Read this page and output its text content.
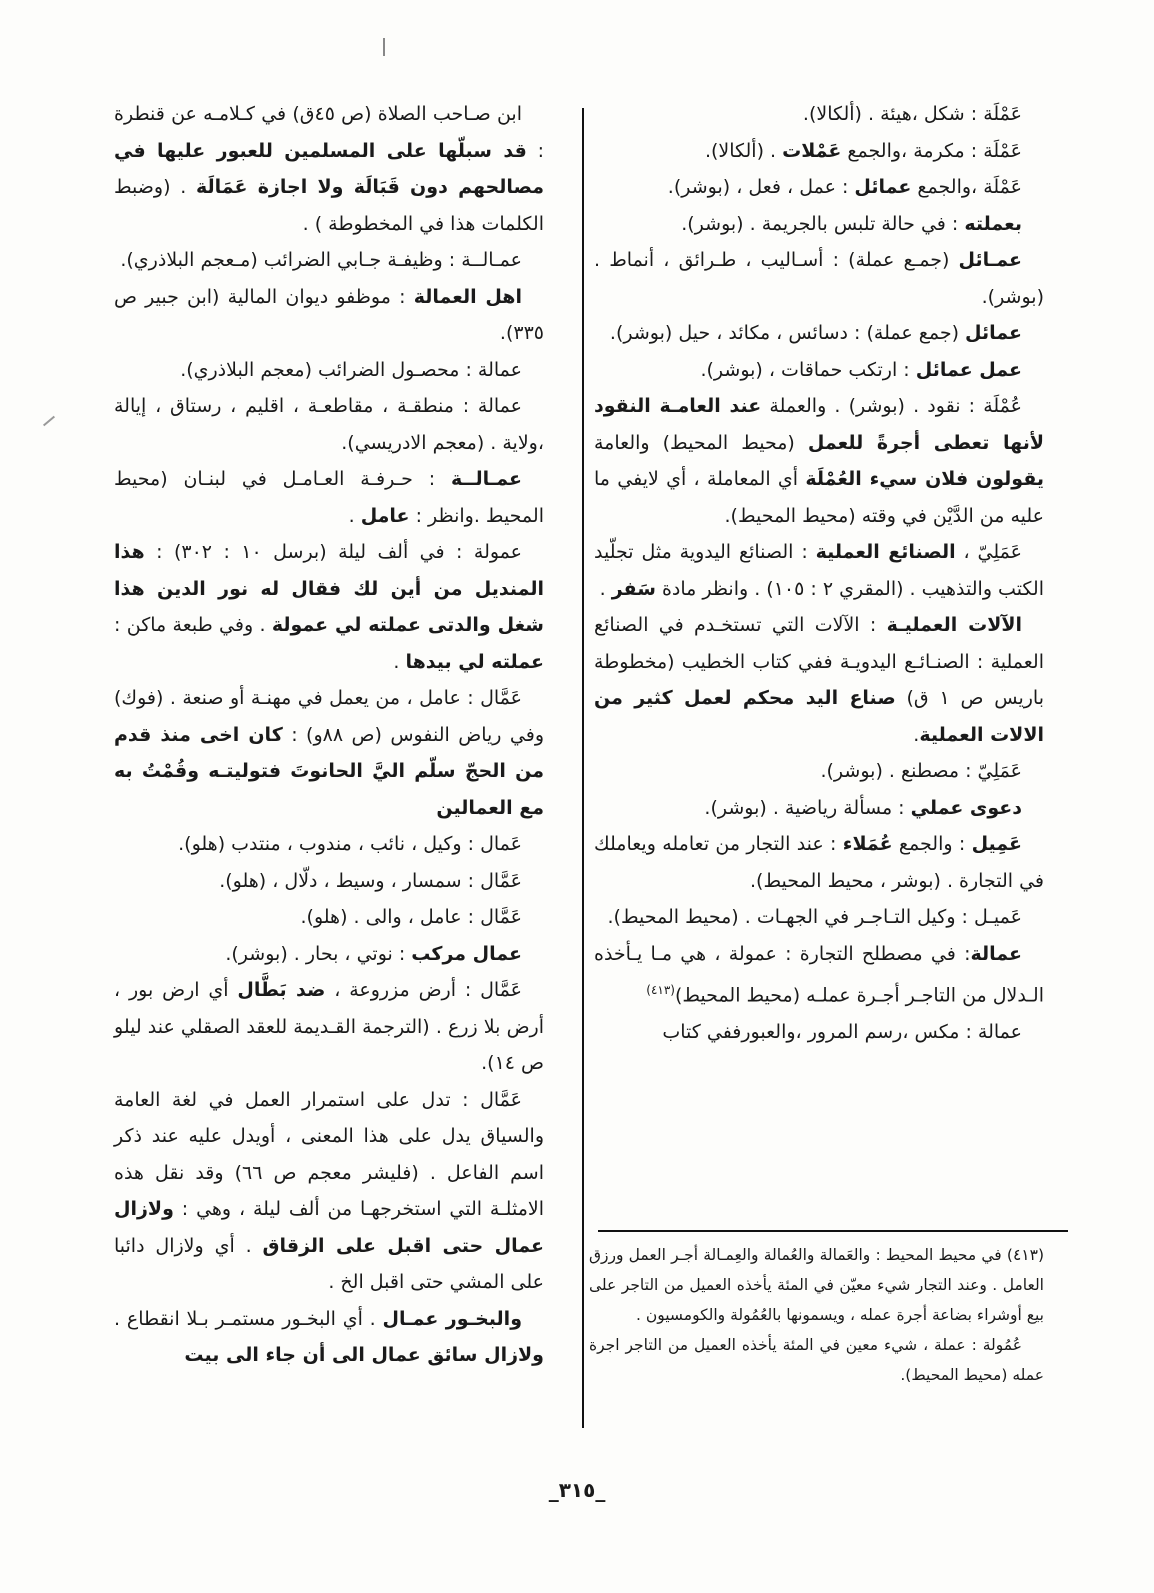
عَمْلَة : شكل ،هيئة . (ألكالا).

عَمْلَة : مكرمة ،والجمع عَمْلات . (ألكالا).

عَمْلَة ،والجمع عمائل : عمل ، فعل ، (بوشر).

بعملته : في حالة تلبس بالجريمة . (بوشر).

عمـائل (جمـع عملة) : أسـاليب ، طـرائق ، أنماط . (بوشر).

عمائل (جمع عملة) : دسائس ، مكائد ، حيل (بوشر).

عمل عمائل : ارتكب حماقات ، (بوشر).

عُمْلَة : نقود . (بوشر) . والعملة عند العامـة النقود لأنها تعطى أجرةً للعمل (محيط المحيط) والعامة يقولون فلان سيء العُمْلَة أي المعاملة ، أي لايفي ما عليه من الدَّيْن في وقته (محيط المحيط).

عَمَلِيّ ، الصنائع العملية : الصنائع اليدوية مثل تجلّيد الكتب والتذهيب . (المقري ٢ : ١٠٥) . وانظر مادة سَفر .

الآلات العمليـة : الآلات التي تستخـدم في الصنائع العملية : الصنـائـع اليدويـة ففي كتاب الخطيب (مخطوطة باريس ص ١ ق) صناع اليد محكم لعمل كثير من الالات العملية.

عَمَلِيّ : مصطنع . (بوشر).

دعوى عملي : مسألة رياضية . (بوشر).

عَمِيل : والجمع عُمَلاء : عند التجار من تعامله ويعاملك في التجارة . (بوشر ، محيط المحيط).

عَميـل : وكيل التـاجـر في الجهـات . (محيط المحيط).

عمالة: في مصطلح التجارة : عمولة ، هي مـا يـأخذه الـدلال من التاجـر أجـرة عملـه (محيط المحيط)$^{(٤١٣)}$

عمالة : مكس ،رسم المرور ،والعبورففي كتاب

ابن صـاحب الصلاة (ص ٤٥ق) في كـلامـه عن قنطرة : قد سبلّها على المسلمين للعبور عليها في مصالحهم دون قَبَالَة ولا اجازة عَمَالَة . (وضبط الكلمات هذا في المخطوطة ) .

عمـالــة : وظيفـة جـابي الضرائب (مـعجم البلاذري).

اهل العمالة : موظفو ديوان المالية (ابن جبير ص ٣٣٥).

عمالة : محصـول الضرائب (معجم البلاذري).

عمالة : منطقـة ، مقاطعـة ، اقليم ، رستاق ، إيالة ،ولاية . (معجم الادريسي).

عمـالــة : حـرفـة العـامـل في لبنـان (محيط المحيط .وانظر : عامل .

عمولة : في ألف ليلة (برسل ١٠ : ٣٠٢) : هذا المنديل من أين لك فقال له نور الدين هذا شغل والدتى عملته لي عمولة . وفي طبعة ماكن : عملته لي بيدها .

عَمَّال : عامل ، من يعمل في مهنـة أو صنعة . (فوك) وفي رياض النفوس (ص ٨٨و) : كان اخى منذ قدم من الحجّ سلّم اليَّ الحانوتَ فتوليتـه وقُمْتُ به مع العمالين

عَمال : وكيل ، نائب ، مندوب ، منتدب (هلو).

عَمَّال : سمسار ، وسيط ، دلّال ، (هلو).

عَمَّال : عامل ، والى . (هلو).

عمال مركب : نوتي ، بحار . (بوشر).

عَمَّال : أرض مزروعة ، ضد بَطَّال أي ارض بور ، أرض بلا زرع . (الترجمة القـديمة للعقد الصقلي عند ليلو ص ١٤).

عَمَّال : تدل على استمرار العمل في لغة العامة والسياق يدل على هذا المعنى ، أويدل عليه عند ذكر اسم الفاعل . (فليشر معجم ص ٦٦) وقد نقل هذه الامثلـة التي استخرجهـا من ألف ليلة ، وهي : ولازال عمال حتى اقبل على الزقاق . أي ولازال دائبا على المشي حتى اقبل الخ .

والبخـور عمـال . أي البخـور مستمـر بـلا انقطاع . ولازال سائق عمال الى أن جاء الى بيت

(٤١٣) في محيط المحيط : والعَمالة والعُمالة والعِمـالة أجـر العمل ورزق العامل . وعند التجار شيء معيّن في المئة يأخذه العميل من التاجر على بيع أوشراء بضاعة أجرة عمله ، ويسمونها بالعُمُولة والكومسيون .

عُمُولة : عملة ، شيء معين في المئة يأخذه العميل من التاجر اجرة عمله (محيط المحيط).

_٣١٥_
